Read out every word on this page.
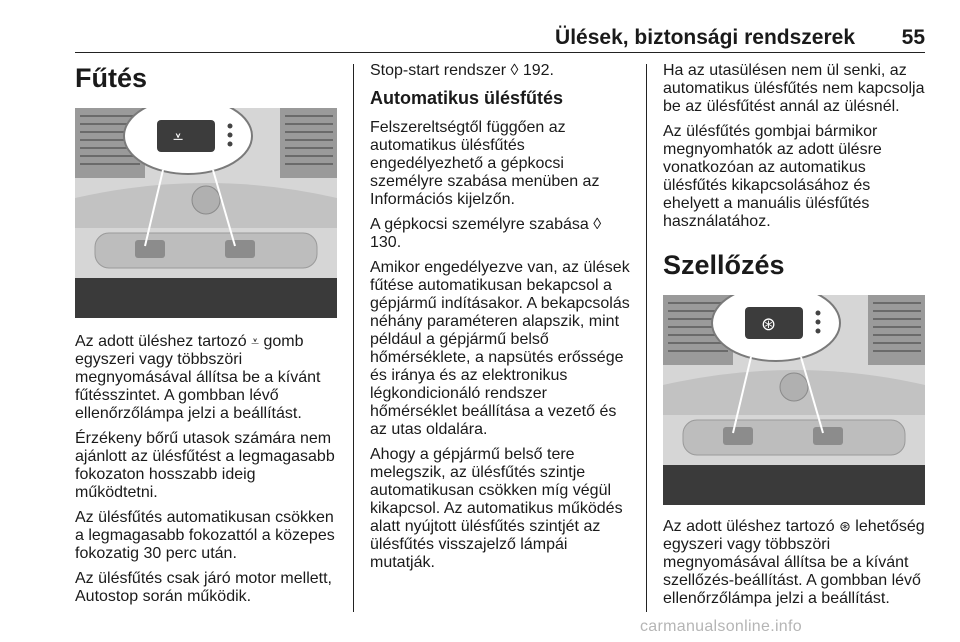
Ülések, biztonsági rendszerek 55
Fűtés
⩡

Az adott üléshez tartozó ⩡ gomb egyszeri vagy többszöri megnyomásával állítsa be a kívánt fűtésszintet. A gombban lévő ellenőrzőlámpa jelzi a beállítást.

Érzékeny bőrű utasok számára nem ajánlott az ülésfűtést a legmagasabb fokozaton hosszabb ideig működtetni.

Az ülésfűtés automatikusan csökken a legmagasabb fokozattól a közepes fokozatig 30 perc után.

Az ülésfűtés csak járó motor mellett, Autostop során működik.

Stop-start rendszer ◊ 192.

Automatikus ülésfűtés

Felszereltségtől függően az automatikus ülésfűtés engedélyezhető a gépkocsi személyre szabása menüben az Információs kijelzőn.

A gépkocsi személyre szabása ◊ 130.

Amikor engedélyezve van, az ülések fűtése automatikusan bekapcsol a gépjármű indításakor. A bekapcsolás néhány paraméteren alapszik, mint például a gépjármű belső hőmérséklete, a napsütés erőssége és iránya és az elektronikus légkondicionáló rendszer hőmérséklet beállítása a vezető és az utas oldalára.

Ahogy a gépjármű belső tere melegszik, az ülésfűtés szintje automatikusan csökken míg végül kikapcsol. Az automatikus működés alatt nyújtott ülésfűtés szintjét az ülésfűtés visszajelző lámpái mutatják.

Ha az utasülésen nem ül senki, az automatikus ülésfűtés nem kapcsolja be az ülésfűtést annál az ülésnél.

Az ülésfűtés gombjai bármikor megnyomhatók az adott ülésre vonatkozóan az automatikus ülésfűtés kikapcsolásához és ehelyett a manuális ülésfűtés használatához.

Szellőzés
⊛

Az adott üléshez tartozó ⊛ lehetőség egyszeri vagy többszöri megnyomásával állítsa be a kívánt szellőzés-beállítást. A gombban lévő ellenőrzőlámpa jelzi a beállítást.

carmanualsonline.info
